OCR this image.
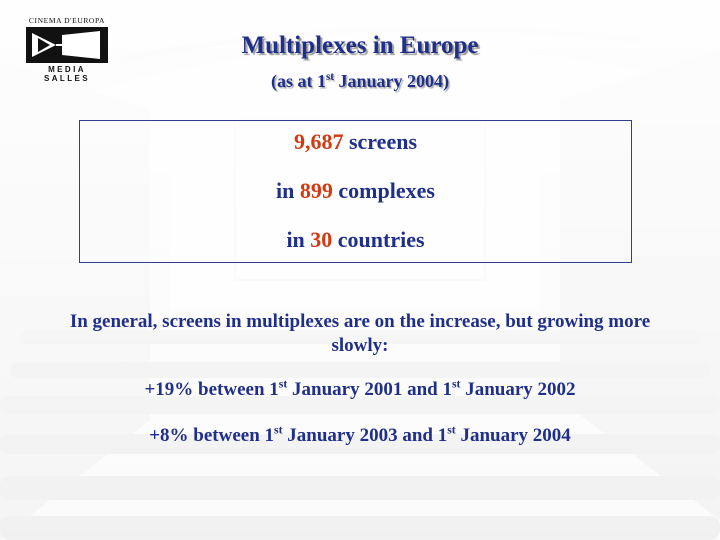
CINEMA D'EUROPA
MEDIA SALLES
Multiplexes in Europe
(as at 1st January 2004)
9,687 screens
in 899 complexes
in 30 countries
In general, screens in multiplexes are on the increase, but growing more slowly:
+19% between 1st January 2001 and 1st January 2002
+8% between 1st January 2003 and 1st January 2004
